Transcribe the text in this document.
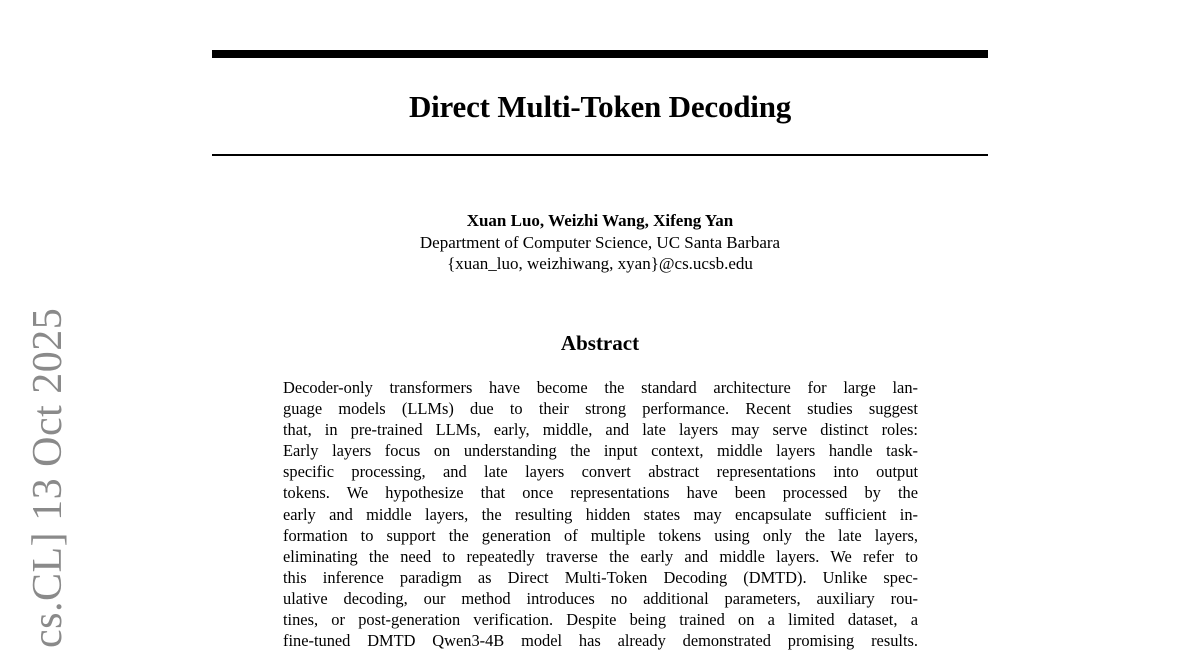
Direct Multi-Token Decoding
Xuan Luo, Weizhi Wang, Xifeng Yan
Department of Computer Science, UC Santa Barbara
{xuan_luo, weizhiwang, xyan}@cs.ucsb.edu
Abstract
Decoder-only transformers have become the standard architecture for large lan-
guage models (LLMs) due to their strong performance. Recent studies suggest
that, in pre-trained LLMs, early, middle, and late layers may serve distinct roles:
Early layers focus on understanding the input context, middle layers handle task-
specific processing, and late layers convert abstract representations into output
tokens. We hypothesize that once representations have been processed by the
early and middle layers, the resulting hidden states may encapsulate sufficient in-
formation to support the generation of multiple tokens using only the late layers,
eliminating the need to repeatedly traverse the early and middle layers. We refer to
this inference paradigm as Direct Multi-Token Decoding (DMTD). Unlike spec-
ulative decoding, our method introduces no additional parameters, auxiliary rou-
tines, or post-generation verification. Despite being trained on a limited dataset, a
fine-tuned DMTD Qwen3-4B model has already demonstrated promising results.
cs.CL] 13 Oct 2025
